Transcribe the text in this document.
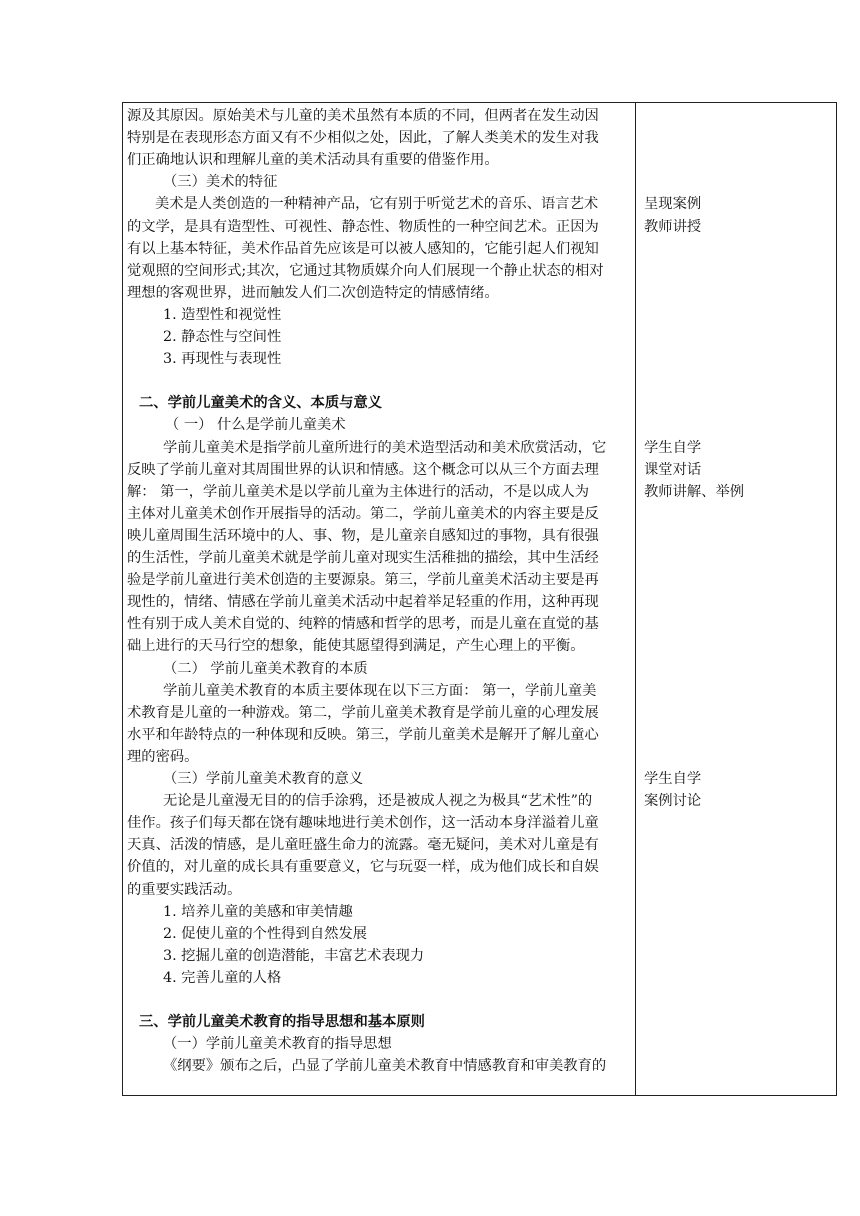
源及其原因。原始美术与儿童的美术虽然有本质的不同，但两者在发生动因
特别是在表现形态方面又有不少相似之处，因此，了解人类美术的发生对我
们正确地认识和理解儿童的美术活动具有重要的借鉴作用。
（三）美术的特征
美术是人类创造的一种精神产品，它有别于听觉艺术的音乐、语言艺术
的文学，是具有造型性、可视性、静态性、物质性的一种空间艺术。正因为
有以上基本特征，美术作品首先应该是可以被人感知的，它能引起人们视知
觉观照的空间形式;其次，它通过其物质媒介向人们展现一个静止状态的相对
理想的客观世界，进而触发人们二次创造特定的情感情绪。
1. 造型性和视觉性
2. 静态性与空间性
3. 再现性与表现性
二、学前儿童美术的含义、本质与意义
（ 一） 什么是学前儿童美术
学前儿童美术是指学前儿童所进行的美术造型活动和美术欣赏活动，它
反映了学前儿童对其周围世界的认识和情感。这个概念可以从三个方面去理
解： 第一，学前儿童美术是以学前儿童为主体进行的活动，不是以成人为
主体对儿童美术创作开展指导的活动。第二，学前儿童美术的内容主要是反
映儿童周围生活环境中的人、事、物，是儿童亲自感知过的事物，具有很强
的生活性，学前儿童美术就是学前儿童对现实生活稚拙的描绘，其中生活经
验是学前儿童进行美术创造的主要源泉。第三，学前儿童美术活动主要是再
现性的，情绪、情感在学前儿童美术活动中起着举足轻重的作用，这种再现
性有别于成人美术自觉的、纯粹的情感和哲学的思考，而是儿童在直觉的基
础上进行的天马行空的想象，能使其愿望得到满足，产生心理上的平衡。
（二） 学前儿童美术教育的本质
学前儿童美术教育的本质主要体现在以下三方面： 第一，学前儿童美
术教育是儿童的一种游戏。第二，学前儿童美术教育是学前儿童的心理发展
水平和年龄特点的一种体现和反映。第三，学前儿童美术是解开了解儿童心
理的密码。
（三）学前儿童美术教育的意义
无论是儿童漫无目的的信手涂鸦，还是被成人视之为极具“艺术性”的
佳作。孩子们每天都在饶有趣味地进行美术创作，这一活动本身洋溢着儿童
天真、活泼的情感，是儿童旺盛生命力的流露。毫无疑问，美术对儿童是有
价值的，对儿童的成长具有重要意义，它与玩耍一样，成为他们成长和自娱
的重要实践活动。
1. 培养儿童的美感和审美情趣
2. 促使儿童的个性得到自然发展
3. 挖掘儿童的创造潜能，丰富艺术表现力
4. 完善儿童的人格
三、学前儿童美术教育的指导思想和基本原则
（一）学前儿童美术教育的指导思想
《纲要》颁布之后，凸显了学前儿童美术教育中情感教育和审美教育的
呈现案例
教师讲授
学生自学
课堂对话
教师讲解、举例
学生自学
案例讨论
